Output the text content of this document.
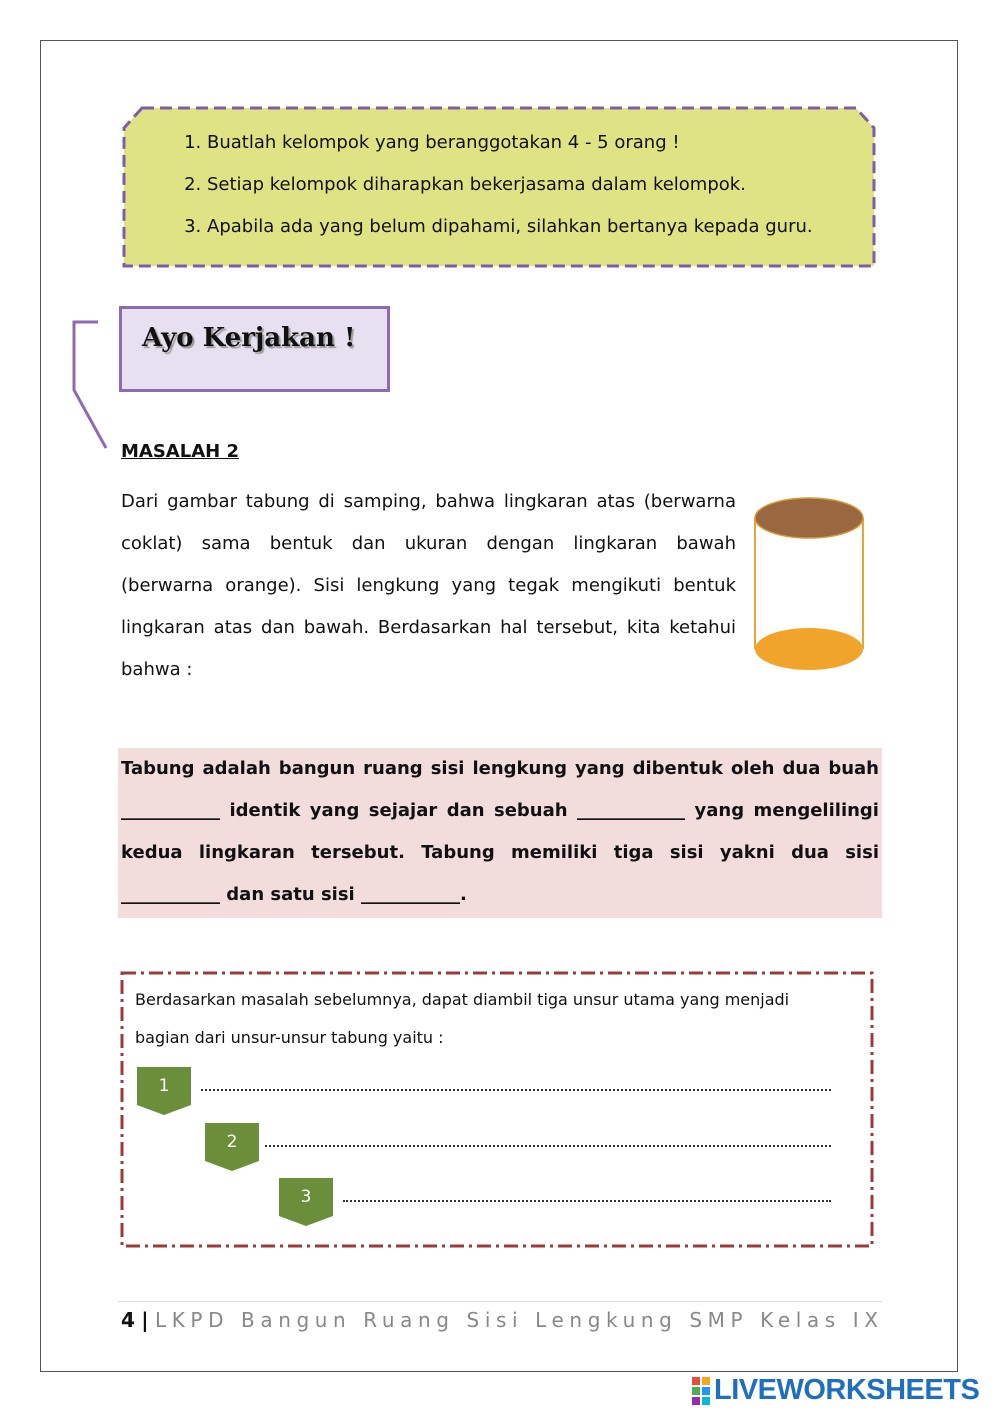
1. Buatlah kelompok yang beranggotakan 4 - 5 orang !
2. Setiap kelompok diharapkan bekerjasama dalam kelompok.
3. Apabila ada yang belum dipahami, silahkan bertanya kepada guru.
Ayo Kerjakan !
MASALAH 2

Dari gambar tabung di samping, bahwa lingkaran atas (berwarna coklat) sama bentuk dan ukuran dengan lingkaran bawah (berwarna orange). Sisi lengkung yang tegak mengikuti bentuk lingkaran atas dan bawah. Berdasarkan hal tersebut, kita ketahui bahwa :

Tabung adalah bangun ruang sisi lengkung yang dibentuk oleh dua buah ___________ identik yang sejajar dan sebuah ____________ yang mengelilingi kedua lingkaran tersebut. Tabung memiliki tiga sisi yakni dua sisi ___________ dan satu sisi ___________.

Berdasarkan masalah sebelumnya, dapat diambil tiga unsur utama yang menjadi bagian dari unsur-unsur tabung yaitu :

1
2
3
4 | LKPD Bangun Ruang Sisi Lengkung SMP Kelas IX
LIVEWORKSHEETS
